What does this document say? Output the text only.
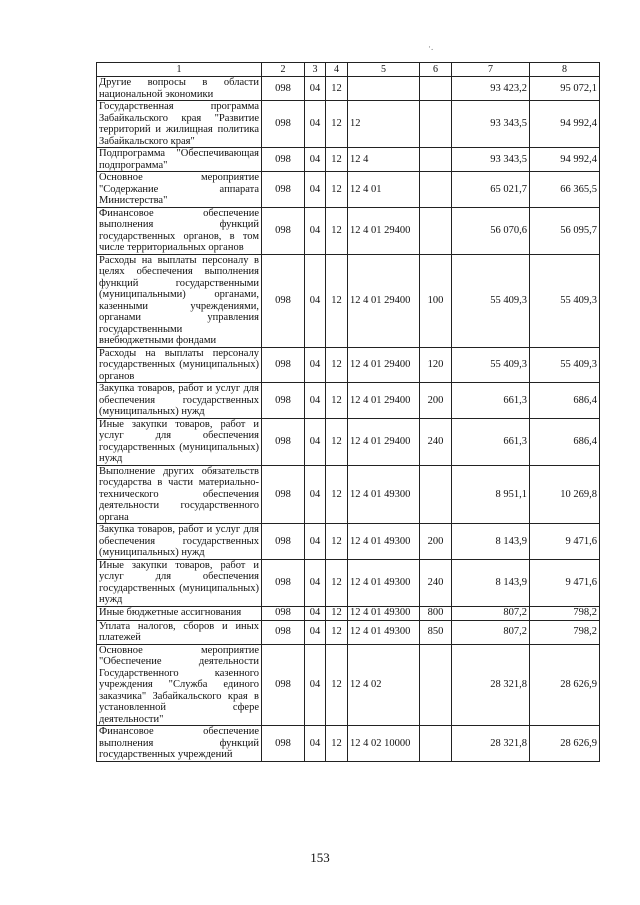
·.
1	2	3	4	5	6	7	8
Другие вопросы в области национальной экономики	098	04	12			93 423,2	95 072,1
Государственная программа Забайкальского края "Развитие территорий и жилищная политика Забайкальского края"	098	04	12	12		93 343,5	94 992,4
Подпрограмма "Обеспечивающая подпрограмма"	098	04	12	12 4		93 343,5	94 992,4
Основное мероприятие "Содержание аппарата Министерства"	098	04	12	12 4 01		65 021,7	66 365,5
Финансовое обеспечение выполнения функций государственных органов, в том числе территориальных органов	098	04	12	12 4 01 29400		56 070,6	56 095,7
Расходы на выплаты персоналу в целях обеспечения выполнения функций государственными (муниципальными) органами, казенными учреждениями, органами управления государственными внебюджетными фондами	098	04	12	12 4 01 29400	100	55 409,3	55 409,3
Расходы на выплаты персоналу государственных (муниципальных) органов	098	04	12	12 4 01 29400	120	55 409,3	55 409,3
Закупка товаров, работ и услуг для обеспечения государственных (муниципальных) нужд	098	04	12	12 4 01 29400	200	661,3	686,4
Иные закупки товаров, работ и услуг для обеспечения государственных (муниципальных) нужд	098	04	12	12 4 01 29400	240	661,3	686,4
Выполнение других обязательств государства в части материально-технического обеспечения деятельности государственного органа	098	04	12	12 4 01 49300		8 951,1	10 269,8
Закупка товаров, работ и услуг для обеспечения государственных (муниципальных) нужд	098	04	12	12 4 01 49300	200	8 143,9	9 471,6
Иные закупки товаров, работ и услуг для обеспечения государственных (муниципальных) нужд	098	04	12	12 4 01 49300	240	8 143,9	9 471,6
Иные бюджетные ассигнования	098	04	12	12 4 01 49300	800	807,2	798,2
Уплата налогов, сборов и иных платежей	098	04	12	12 4 01 49300	850	807,2	798,2
Основное мероприятие "Обеспечение деятельности Государственного казенного учреждения "Служба единого заказчика" Забайкальского края в установленной сфере деятельности"	098	04	12	12 4 02		28 321,8	28 626,9
Финансовое обеспечение выполнения функций государственных учреждений	098	04	12	12 4 02 10000		28 321,8	28 626,9
153
